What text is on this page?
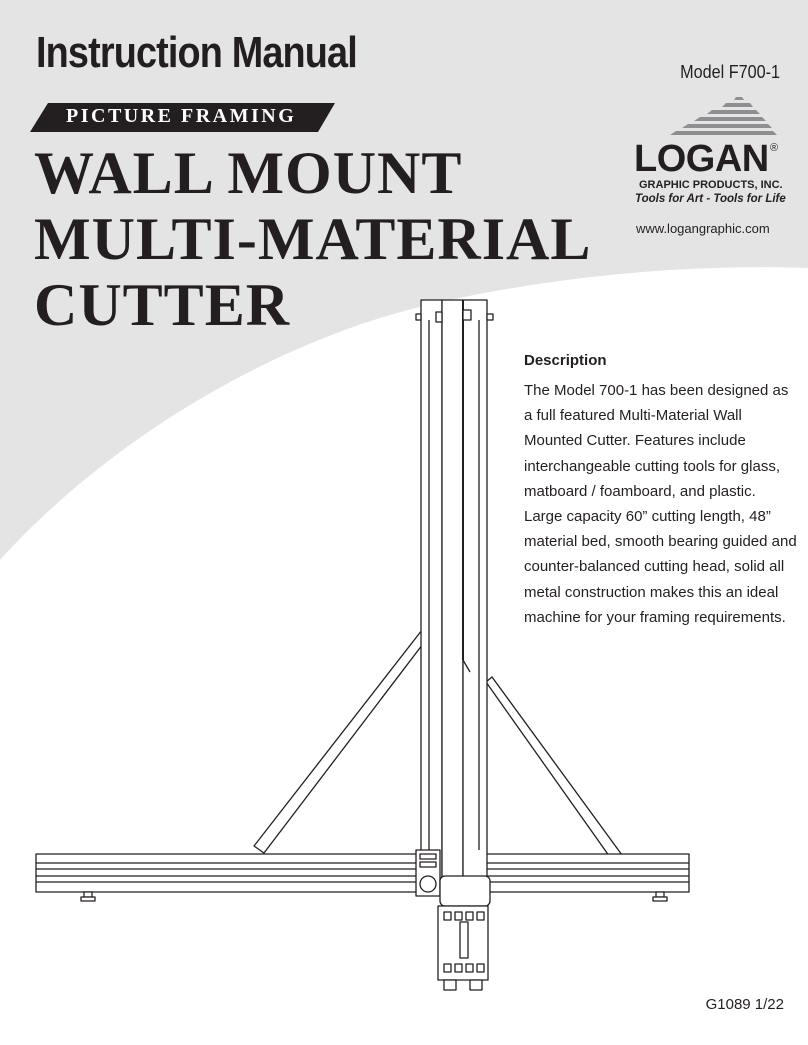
Instruction Manual	Model F700-1
PICTURE FRAMING
WALL MOUNT
MULTI-MATERIAL
CUTTER
LOGAN ®
GRAPHIC PRODUCTS, INC.
Tools for Art - Tools for Life
www.logangraphic.com
Description
The Model 700-1 has been designed as
a full featured Multi-Material Wall
Mounted Cutter. Features include
interchangeable cutting tools for glass,
matboard / foamboard, and plastic.
Large capacity 60” cutting length, 48”
material bed, smooth bearing guided and
counter-balanced cutting head, solid all
metal construction makes this an ideal
machine for your framing requirements.
G1089 1/22
